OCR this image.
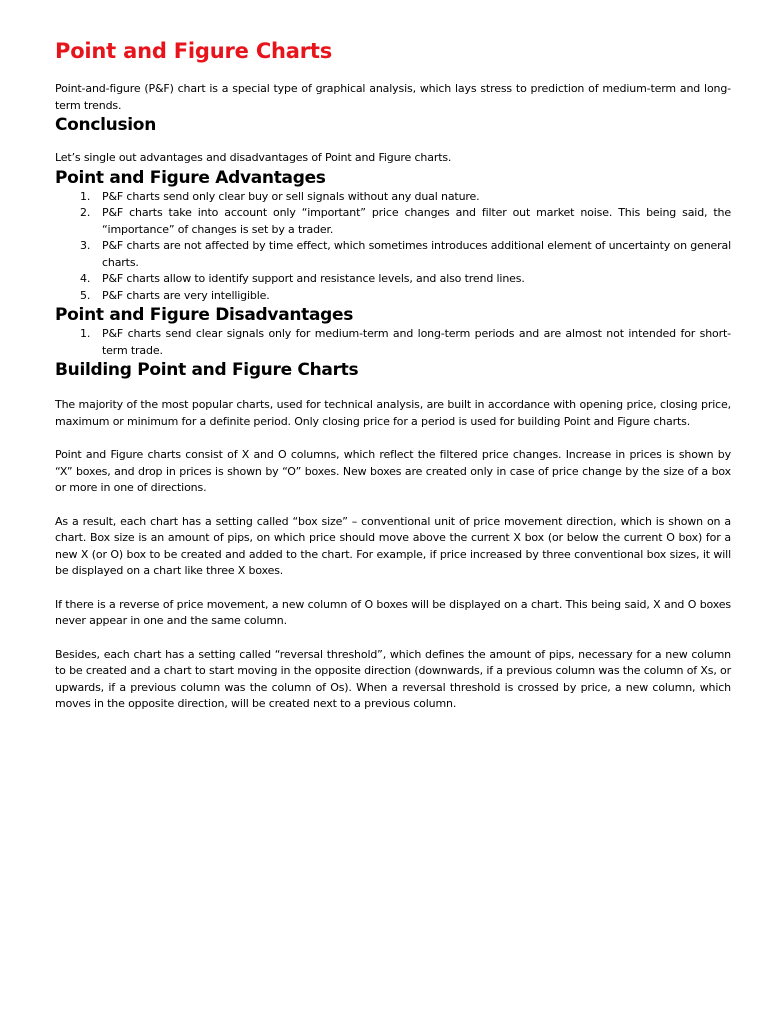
Point and Figure Charts

Point-and-figure (P&F) chart is a special type of graphical analysis, which lays stress to prediction of medium-term and long-term trends.

Conclusion

Let’s single out advantages and disadvantages of Point and Figure charts.

Point and Figure Advantages
1.	P&F charts send only clear buy or sell signals without any dual nature.
2.	P&F charts take into account only “important” price changes and filter out market noise. This being said, the “importance” of changes is set by a trader.
3.	P&F charts are not affected by time effect, which sometimes introduces additional element of uncertainty on general charts.
4.	P&F charts allow to identify support and resistance levels, and also trend lines.
5.	P&F charts are very intelligible.
Point and Figure Disadvantages
1.	P&F charts send clear signals only for medium-term and long-term periods and are almost not intended for short-term trade.
Building Point and Figure Charts

The majority of the most popular charts, used for technical analysis, are built in accordance with opening price, closing price, maximum or minimum for a definite period. Only closing price for a period is used for building Point and Figure charts.

Point and Figure charts consist of X and O columns, which reflect the filtered price changes. Increase in prices is shown by “X” boxes, and drop in prices is shown by “O” boxes. New boxes are created only in case of price change by the size of a box or more in one of directions.

As a result, each chart has a setting called “box size” – conventional unit of price movement direction, which is shown on a chart. Box size is an amount of pips, on which price should move above the current X box (or below the current O box) for a new X (or O) box to be created and added to the chart. For example, if price increased by three conventional box sizes, it will be displayed on a chart like three X boxes.

If there is a reverse of price movement, a new column of O boxes will be displayed on a chart. This being said, X and O boxes never appear in one and the same column.

Besides, each chart has a setting called “reversal threshold”, which defines the amount of pips, necessary for a new column to be created and a chart to start moving in the opposite direction (downwards, if a previous column was the column of Xs, or upwards, if a previous column was the column of Os). When a reversal threshold is crossed by price, a new column, which moves in the opposite direction, will be created next to a previous column.
